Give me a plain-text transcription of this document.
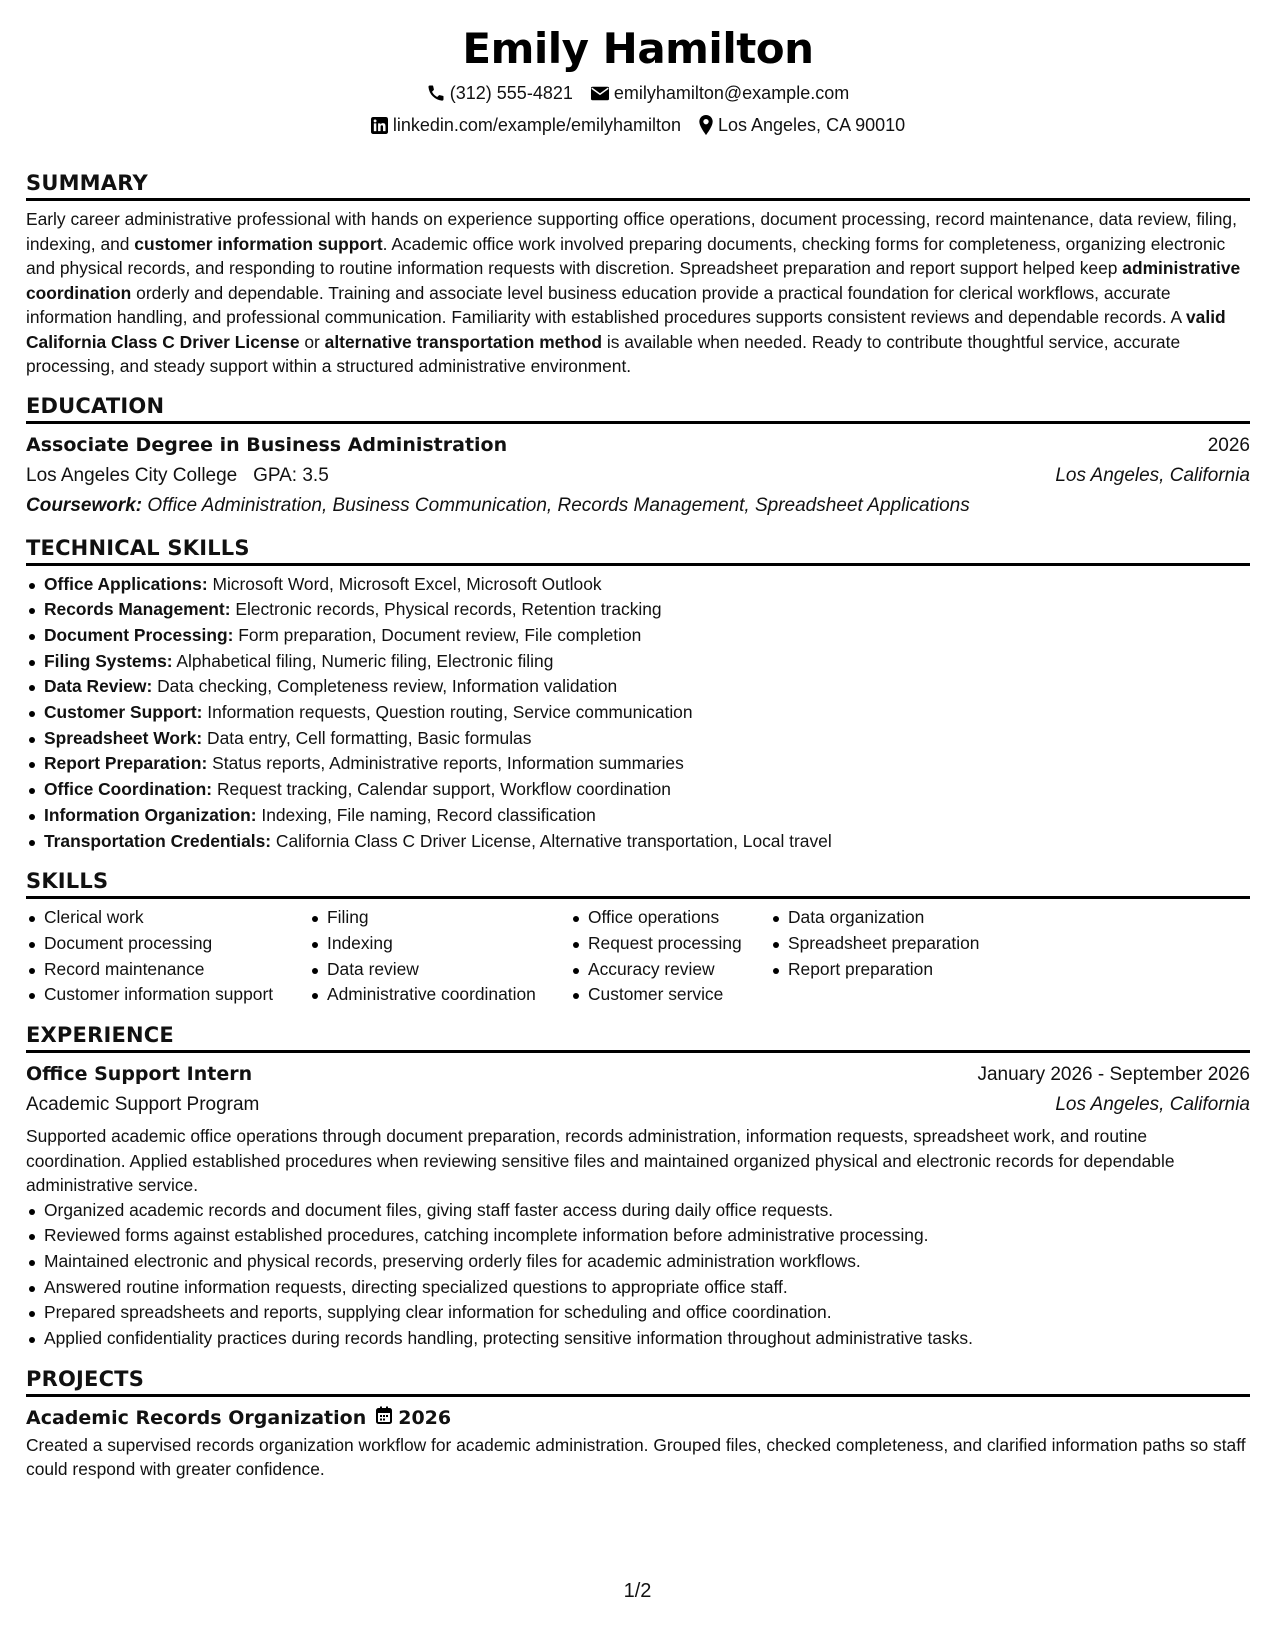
Emily Hamilton
(312) 555-4821 emilyhamilton@example.com
linkedin.com/example/emilyhamilton Los Angeles, CA 90010
SUMMARY

Early career administrative professional with hands on experience supporting office operations, document processing, record maintenance, data review, filing, indexing, and customer information support. Academic office work involved preparing documents, checking forms for completeness, organizing electronic and physical records, and responding to routine information requests with discretion. Spreadsheet preparation and report support helped keep administrative coordination orderly and dependable. Training and associate level business education provide a practical foundation for clerical workflows, accurate information handling, and professional communication. Familiarity with established procedures supports consistent reviews and dependable records. A valid California Class C Driver License or alternative transportation method is available when needed. Ready to contribute thoughtful service, accurate processing, and steady support within a structured administrative environment.

EDUCATION
Associate Degree in Business Administration	2026
Los Angeles City College GPA: 3.5	Los Angeles, California
Coursework: Office Administration, Business Communication, Records Management, Spreadsheet Applications
TECHNICAL SKILLS
Office Applications: Microsoft Word, Microsoft Excel, Microsoft Outlook
Records Management: Electronic records, Physical records, Retention tracking
Document Processing: Form preparation, Document review, File completion
Filing Systems: Alphabetical filing, Numeric filing, Electronic filing
Data Review: Data checking, Completeness review, Information validation
Customer Support: Information requests, Question routing, Service communication
Spreadsheet Work: Data entry, Cell formatting, Basic formulas
Report Preparation: Status reports, Administrative reports, Information summaries
Office Coordination: Request tracking, Calendar support, Workflow coordination
Information Organization: Indexing, File naming, Record classification
Transportation Credentials: California Class C Driver License, Alternative transportation, Local travel
SKILLS
Clerical work
Document processing
Record maintenance
Customer information support
Filing
Indexing
Data review
Administrative coordination
Office operations
Request processing
Accuracy review
Customer service
Data organization
Spreadsheet preparation
Report preparation
EXPERIENCE
Office Support Intern	January 2026 - September 2026
Academic Support Program	Los Angeles, California

Supported academic office operations through document preparation, records administration, information requests, spreadsheet work, and routine coordination. Applied established procedures when reviewing sensitive files and maintained organized physical and electronic records for dependable administrative service.

Organized academic records and document files, giving staff faster access during daily office requests.
Reviewed forms against established procedures, catching incomplete information before administrative processing.
Maintained electronic and physical records, preserving orderly files for academic administration workflows.
Answered routine information requests, directing specialized questions to appropriate office staff.
Prepared spreadsheets and reports, supplying clear information for scheduling and office coordination.
Applied confidentiality practices during records handling, protecting sensitive information throughout administrative tasks.
PROJECTS
Academic Records Organization 2026

Created a supervised records organization workflow for academic administration. Grouped files, checked completeness, and clarified information paths so staff could respond with greater confidence.

1/2
